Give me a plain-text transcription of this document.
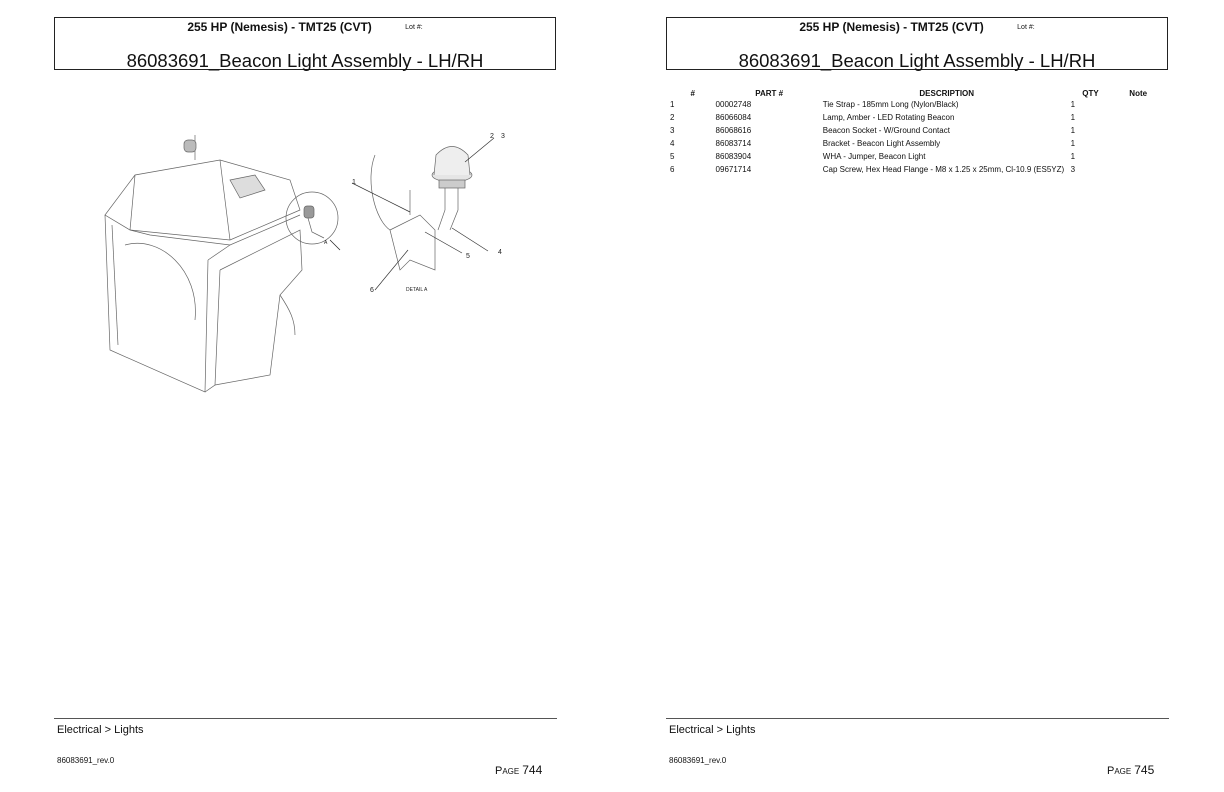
255 HP (Nemesis) - TMT25 (CVT)	Lot #:
86083691_Beacon Light Assembly - LH/RH
1
2 3
4
5
6	DETAIL A
A
Electrical > Lights
86083691_rev.0
Page 744
255 HP (Nemesis) - TMT25 (CVT)	Lot #:
86083691_Beacon Light Assembly - LH/RH
Electrical > Lights
86083691_rev.0
Page 745
#	PART #	DESCRIPTION	QTY	Note
1	00002748	Tie Strap - 185mm Long (Nylon/Black)	1	
2	86066084	Lamp, Amber - LED Rotating Beacon	1	
3	86068616	Beacon Socket - W/Ground Contact	1	
4	86083714	Bracket - Beacon Light Assembly	1	
5	86083904	WHA - Jumper, Beacon Light	1	
6	09671714	Cap Screw, Hex Head Flange - M8 x 1.25 x 25mm, Cl-10.9 (ES5YZ)	3	
